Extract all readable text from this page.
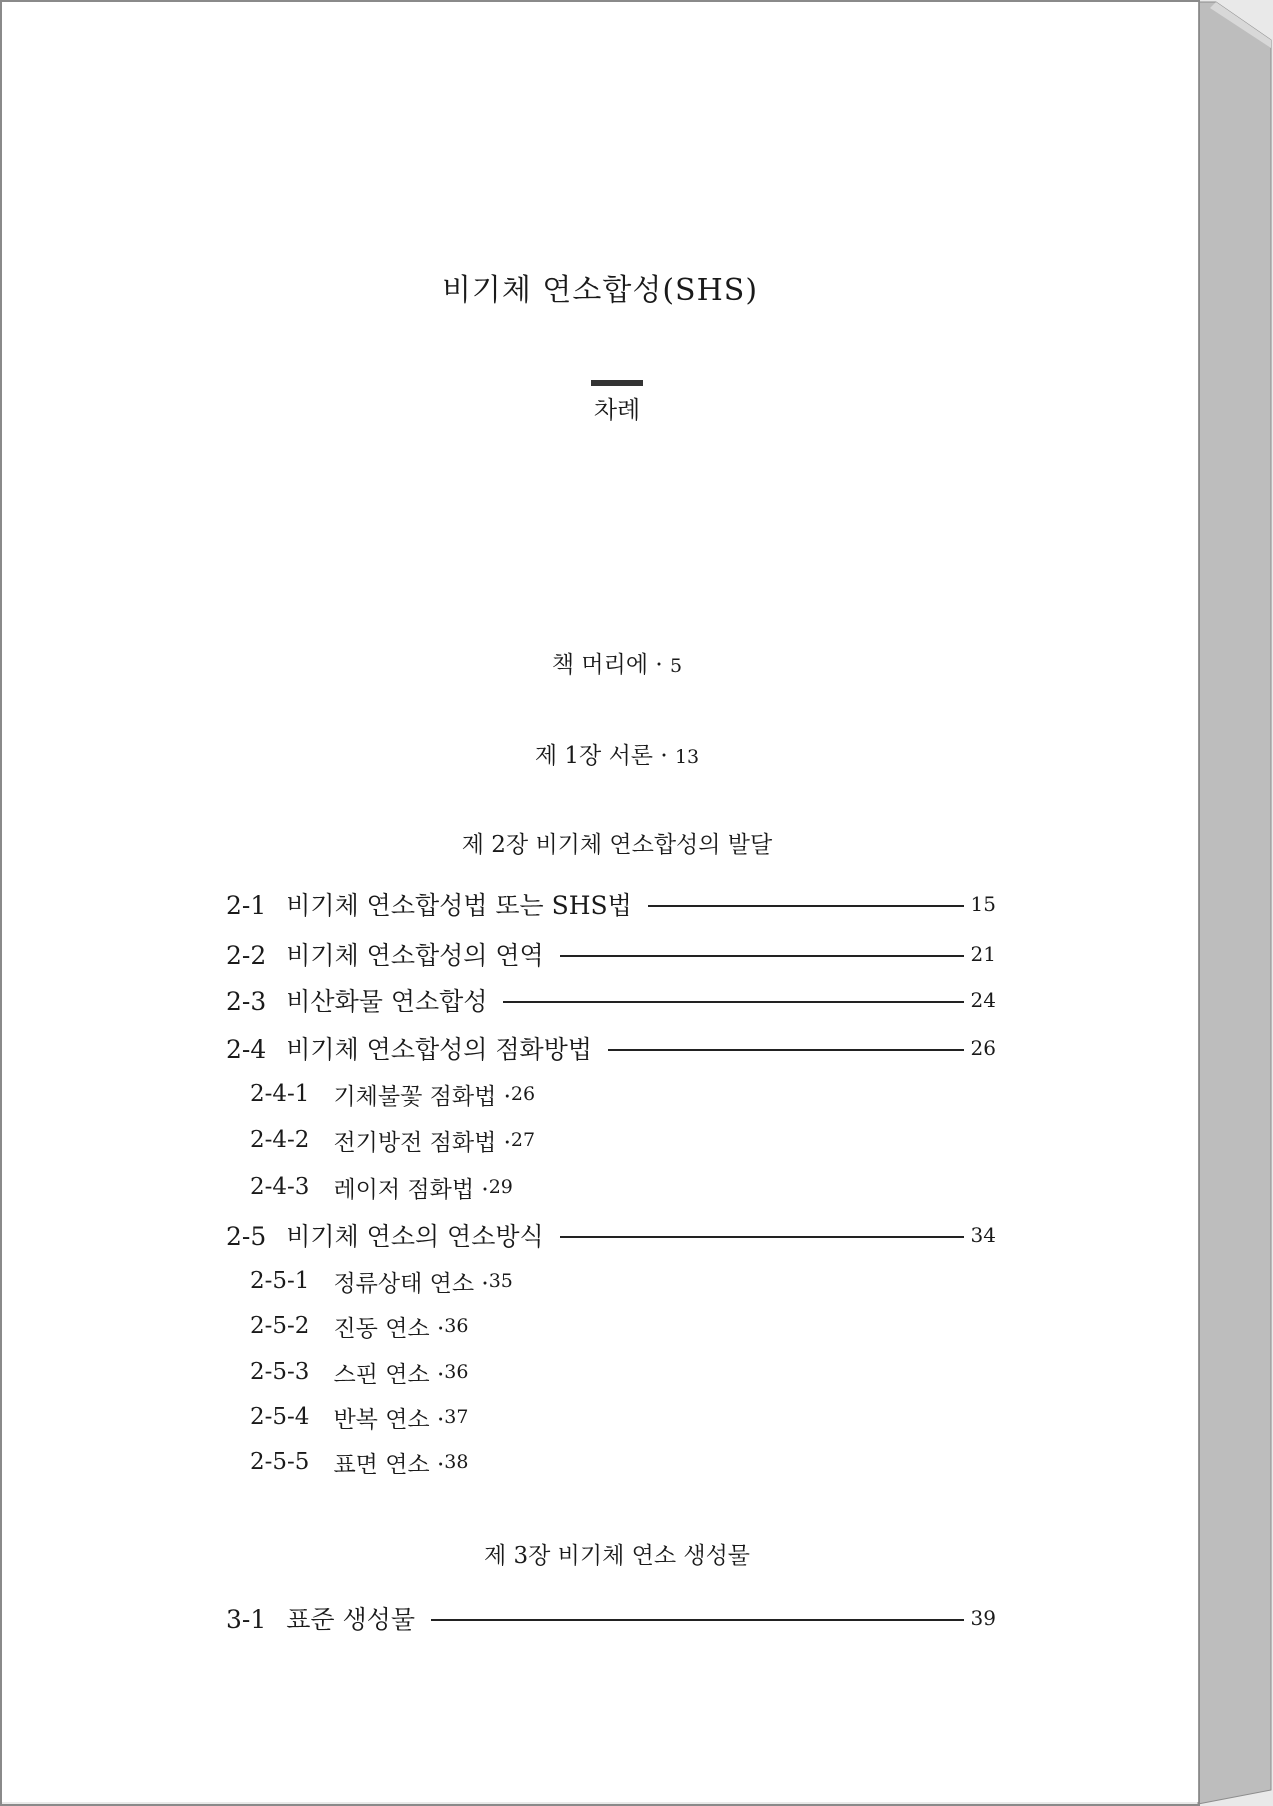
비기체 연소합성(SHS)
차례
책 머리에 · 5
제 1장 서론 · 13
제 2장 비기체 연소합성의 발달
2-1 비기체 연소합성법 또는 SHS법	15
2-2 비기체 연소합성의 연역	21
2-3 비산화물 연소합성	24
2-4 비기체 연소합성의 점화방법	26
2-4-1 기체불꽃 점화법 · 26
2-4-2 전기방전 점화법 · 27
2-4-3 레이저 점화법 · 29
2-5 비기체 연소의 연소방식	34
2-5-1 정류상태 연소 · 35
2-5-2 진동 연소 · 36
2-5-3 스핀 연소 · 36
2-5-4 반복 연소 · 37
2-5-5 표면 연소 · 38
제 3장 비기체 연소 생성물
3-1 표준 생성물	39
